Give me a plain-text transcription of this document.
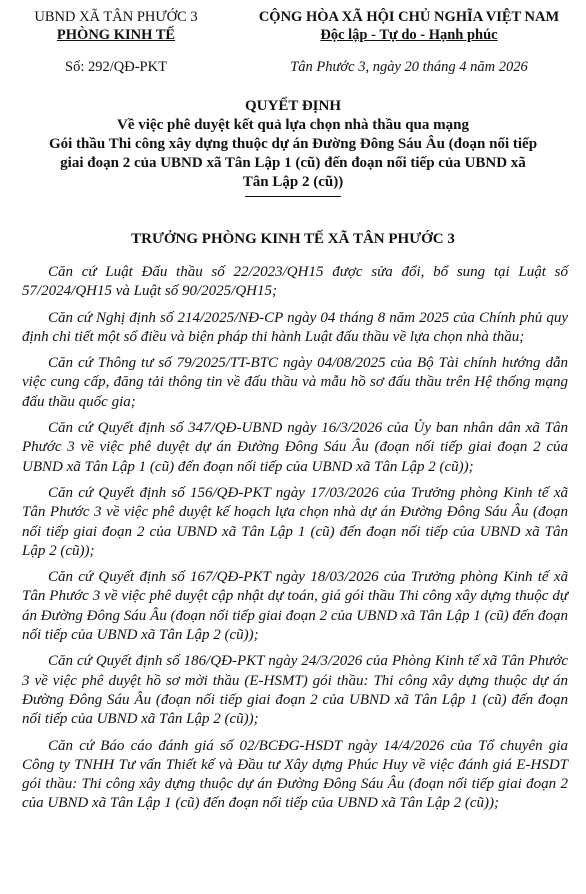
UBND XÃ TÂN PHƯỚC 3
PHÒNG KINH TẾ
Số: 292/QĐ-PKT
CỘNG HÒA XÃ HỘI CHỦ NGHĨA VIỆT NAM
Độc lập - Tự do - Hạnh phúc
Tân Phước 3, ngày 20 tháng 4 năm 2026
QUYẾT ĐỊNH
Về việc phê duyệt kết quả lựa chọn nhà thầu qua mạng
Gói thầu Thi công xây dựng thuộc dự án Đường Đông Sáu Âu (đoạn nối tiếp
giai đoạn 2 của UBND xã Tân Lập 1 (cũ) đến đoạn nối tiếp của UBND xã
Tân Lập 2 (cũ))
TRƯỞNG PHÒNG KINH TẾ XÃ TÂN PHƯỚC 3

Căn cứ Luật Đấu thầu số 22/2023/QH15 được sửa đổi, bổ sung tại Luật số 57/2024/QH15 và Luật số 90/2025/QH15;

Căn cứ Nghị định số 214/2025/NĐ-CP ngày 04 tháng 8 năm 2025 của Chính phủ quy định chi tiết một số điều và biện pháp thi hành Luật đấu thầu về lựa chọn nhà thầu;

Căn cứ Thông tư số 79/2025/TT-BTC ngày 04/08/2025 của Bộ Tài chính hướng dẫn việc cung cấp, đăng tải thông tin về đấu thầu và mẫu hồ sơ đấu thầu trên Hệ thống mạng đấu thầu quốc gia;

Căn cứ Quyết định số 347/QĐ-UBND ngày 16/3/2026 của Ủy ban nhân dân xã Tân Phước 3 về việc phê duyệt dự án Đường Đông Sáu Âu (đoạn nối tiếp giai đoạn 2 của UBND xã Tân Lập 1 (cũ) đến đoạn nối tiếp của UBND xã Tân Lập 2 (cũ));

Căn cứ Quyết định số 156/QĐ-PKT ngày 17/03/2026 của Trưởng phòng Kinh tế xã Tân Phước 3 về việc phê duyệt kế hoạch lựa chọn nhà dự án Đường Đông Sáu Âu (đoạn nối tiếp giai đoạn 2 của UBND xã Tân Lập 1 (cũ) đến đoạn nối tiếp của UBND xã Tân Lập 2 (cũ));

Căn cứ Quyết định số 167/QĐ-PKT ngày 18/03/2026 của Trưởng phòng Kinh tế xã Tân Phước 3 về việc phê duyệt cập nhật dự toán, giá gói thầu Thi công xây dựng thuộc dự án Đường Đông Sáu Âu (đoạn nối tiếp giai đoạn 2 của UBND xã Tân Lập 1 (cũ) đến đoạn nối tiếp của UBND xã Tân Lập 2 (cũ));

Căn cứ Quyết định số 186/QĐ-PKT ngày 24/3/2026 của Phòng Kinh tế xã Tân Phước 3 về việc phê duyệt hồ sơ mời thầu (E-HSMT) gói thầu: Thi công xây dựng thuộc dự án Đường Đông Sáu Âu (đoạn nối tiếp giai đoạn 2 của UBND xã Tân Lập 1 (cũ) đến đoạn nối tiếp của UBND xã Tân Lập 2 (cũ));

Căn cứ Báo cáo đánh giá số 02/BCĐG-HSDT ngày 14/4/2026 của Tổ chuyên gia Công ty TNHH Tư vấn Thiết kế và Đầu tư Xây dựng Phúc Huy về việc đánh giá E-HSDT gói thầu: Thi công xây dựng thuộc dự án Đường Đông Sáu Âu (đoạn nối tiếp giai đoạn 2 của UBND xã Tân Lập 1 (cũ) đến đoạn nối tiếp của UBND xã Tân Lập 2 (cũ));
